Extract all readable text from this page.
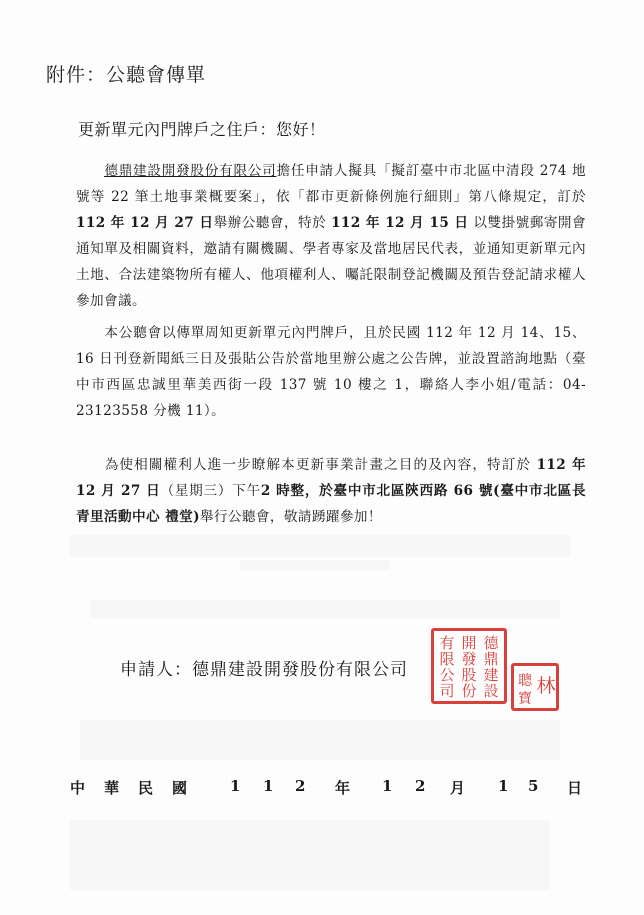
附件：公聽會傳單
更新單元內門牌戶之住戶：您好！
德鼎建設開發股份有限公司擔任申請人擬具「擬訂臺中市北區中清段 274 地號等 22 筆土地事業概要案」，依「都市更新條例施行細則」第八條規定，訂於 112 年 12 月 27 日舉辦公聽會，特於 112 年 12 月 15 日 以雙掛號郵寄開會通知單及相關資料，邀請有關機關、學者專家及當地居民代表，並通知更新單元內土地、合法建築物所有權人、他項權利人、囑託限制登記機關及預告登記請求權人參加會議。
本公聽會以傳單周知更新單元內門牌戶，且於民國 112 年 12 月 14、15、16 日刊登新聞紙三日及張貼公告於當地里辦公處之公告牌，並設置諮詢地點（臺中市西區忠誠里華美西街一段 137 號 10 樓之 1，聯絡人李小姐/電話：04-23123558 分機 11）。
為使相關權利人進一步瞭解本更新事業計畫之目的及內容，特訂於 112 年 12 月 27 日（星期三）下午2 時整，於臺中市北區陝西路 66 號(臺中市北區長青里活動中心 禮堂)舉行公聽會，敬請踴躍參加！
申請人：德鼎建設開發股份有限公司
德
鼎
建
設
開
發
股
份
有
限
公
司	林
聰
寶
中 華 民 國	1 1 2 年 1 2 月 1 5 日
